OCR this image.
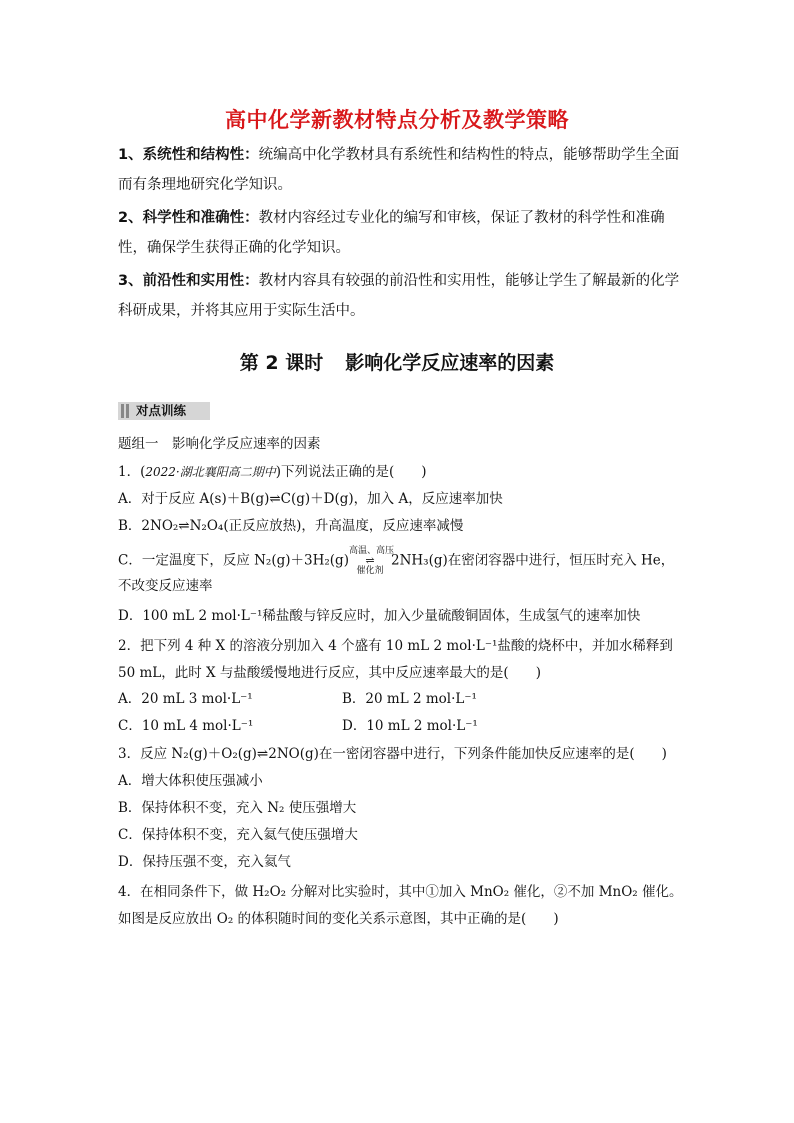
高中化学新教材特点分析及教学策略
1、系统性和结构性：统编高中化学教材具有系统性和结构性的特点，能够帮助学生全面而有条理地研究化学知识。
2、科学性和准确性：教材内容经过专业化的编写和审核，保证了教材的科学性和准确性，确保学生获得正确的化学知识。
3、前沿性和实用性：教材内容具有较强的前沿性和实用性，能够让学生了解最新的化学科研成果，并将其应用于实际生活中。
第 2 课时 影响化学反应速率的因素
对点训练
题组一　影响化学反应速率的因素
1．(2022·湖北襄阳高二期中)下列说法正确的是(　　)
A．对于反应 A(s)＋B(g)⇌C(g)＋D(g)，加入 A，反应速率加快
B．2NO₂⇌N₂O₄(正反应放热)，升高温度，反应速率减慢
C．一定温度下，反应 N₂(g)＋3H₂(g)
高温、高压
⇌
催化剂
2NH₃(g)在密闭容器中进行，恒压时充入 He，
不改变反应速率
D．100 mL 2 mol·L⁻¹稀盐酸与锌反应时，加入少量硫酸铜固体，生成氢气的速率加快
2．把下列 4 种 X 的溶液分别加入 4 个盛有 10 mL 2 mol·L⁻¹盐酸的烧杯中，并加水稀释到 50 mL，此时 X 与盐酸缓慢地进行反应，其中反应速率最大的是(　　)
A．20 mL 3 mol·L⁻¹	B．20 mL 2 mol·L⁻¹
C．10 mL 4 mol·L⁻¹	D．10 mL 2 mol·L⁻¹
3．反应 N₂(g)＋O₂(g)⇌2NO(g)在一密闭容器中进行，下列条件能加快反应速率的是(　　)
A．增大体积使压强减小
B．保持体积不变，充入 N₂ 使压强增大
C．保持体积不变，充入氦气使压强增大
D．保持压强不变，充入氦气
4．在相同条件下，做 H₂O₂ 分解对比实验时，其中①加入 MnO₂ 催化，②不加 MnO₂ 催化。如图是反应放出 O₂ 的体积随时间的变化关系示意图，其中正确的是(　　)
